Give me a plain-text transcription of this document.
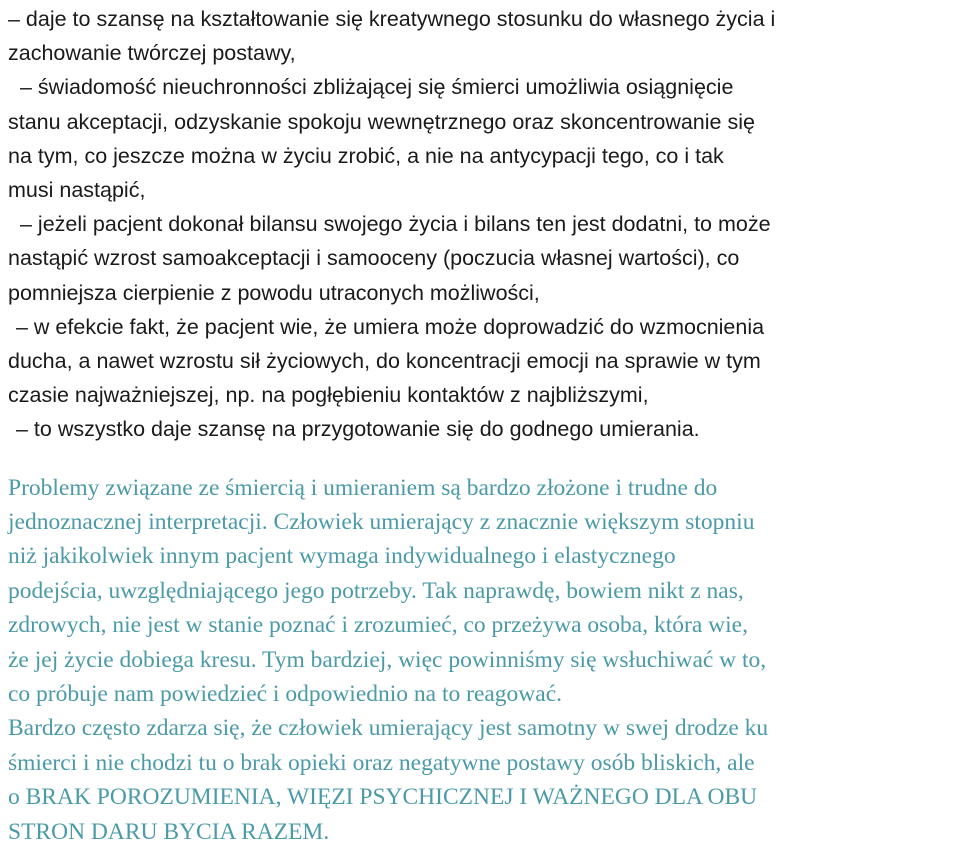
– daje to szansę na kształtowanie się kreatywnego stosunku do własnego życia i
zachowanie twórczej postawy,
– świadomość nieuchronności zbliżającej się śmierci umożliwia osiągnięcie
stanu akceptacji, odzyskanie spokoju wewnętrznego oraz skoncentrowanie się
na tym, co jeszcze można w życiu zrobić, a nie na antycypacji tego, co i tak
musi nastąpić,
– jeżeli pacjent dokonał bilansu swojego życia i bilans ten jest dodatni, to może
nastąpić wzrost samoakceptacji i samooceny (poczucia własnej wartości), co
pomniejsza cierpienie z powodu utraconych możliwości,
– w efekcie fakt, że pacjent wie, że umiera może doprowadzić do wzmocnienia
ducha, a nawet wzrostu sił życiowych, do koncentracji emocji na sprawie w tym
czasie najważniejszej, np. na pogłębieniu kontaktów z najbliższymi,
– to wszystko daje szansę na przygotowanie się do godnego umierania.
Problemy związane ze śmiercią i umieraniem są bardzo złożone i trudne do
jednoznacznej interpretacji. Człowiek umierający z znacznie większym stopniu
niż jakikolwiek innym pacjent wymaga indywidualnego i elastycznego
podejścia, uwzględniającego jego potrzeby. Tak naprawdę, bowiem nikt z nas,
zdrowych, nie jest w stanie poznać i zrozumieć, co przeżywa osoba, która wie,
że jej życie dobiega kresu. Tym bardziej, więc powinniśmy się wsłuchiwać w to,
co próbuje nam powiedzieć i odpowiednio na to reagować.
Bardzo często zdarza się, że człowiek umierający jest samotny w swej drodze ku
śmierci i nie chodzi tu o brak opieki oraz negatywne postawy osób bliskich, ale
o BRAK POROZUMIENIA, WIĘZI PSYCHICZNEJ I WAŻNEGO DLA OBU
STRON DARU BYCIA RAZEM.
